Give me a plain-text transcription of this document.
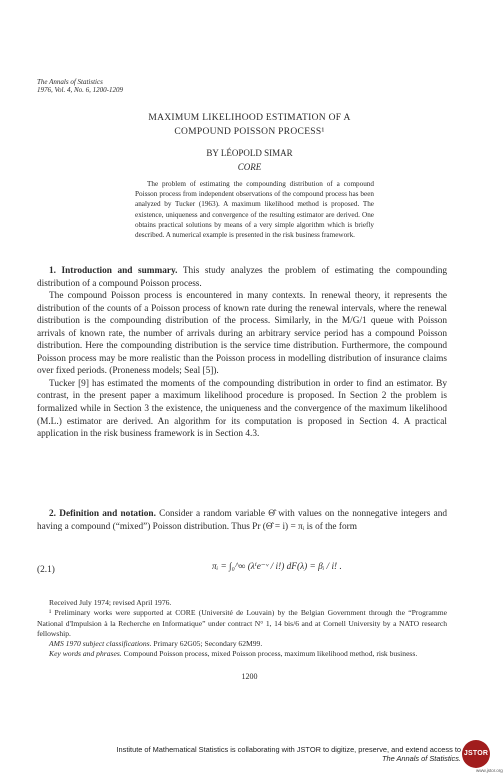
The Annals of Statistics
1976, Vol. 4, No. 6, 1200-1209
MAXIMUM LIKELIHOOD ESTIMATION OF A
COMPOUND POISSON PROCESS¹
BY LÉOPOLD SIMAR
CORE

The problem of estimating the compounding distribution of a compound Poisson process from independent observations of the compound process has been analyzed by Tucker (1963). A maximum likelihood method is proposed. The existence, uniqueness and convergence of the resulting estimator are derived. One obtains practical solutions by means of a very simple algorithm which is briefly described. A numerical example is presented in the risk business framework.

1. Introduction and summary. This study analyzes the problem of estimating the compounding distribution of a compound Poisson process.

The compound Poisson process is encountered in many contexts. In renewal theory, it represents the distribution of the counts of a Poisson process of known rate during the renewal intervals, where the renewal distribution is the compounding distribution of the process. Similarly, in the M/G/1 queue with Poisson arrivals of known rate, the number of arrivals during an arbitrary service period has a compound Poisson distribution. Here the compounding distribution is the service time distribution. Furthermore, the compound Poisson process may be more realistic than the Poisson process in modelling distribution of insurance claims over fixed periods. (Proneness models; Seal [5]).

Tucker [9] has estimated the moments of the compounding distribution in order to find an estimator. By contrast, in the present paper a maximum likelihood procedure is proposed. In Section 2 the problem is formalized while in Section 3 the existence, the uniqueness and the convergence of the maximum likelihood (M.L.) estimator are derived. An algorithm for its computation is proposed in Section 4. A practical application in the risk business framework is in Section 4.3.

2. Definition and notation. Consider a random variable Θ̂ with values on the nonnegative integers and having a compound (“mixed”) Poisson distribution. Thus Pr (Θ̂ = i) = πᵢ is of the form

(2.1)	πᵢ = ∫₀^∞ (λⁱe⁻ᵛ / i!) dF(λ) = βᵢ / i! .

Received July 1974; revised April 1976.

¹ Preliminary works were supported at CORE (Université de Louvain) by the Belgian Government through the “Programme National d'Impulsion à la Recherche en Informatique” under contract N° 1, 14 bis/6 and at Cornell University by a NATO research fellowship.

AMS 1970 subject classifications. Primary 62G05; Secondary 62M99.

Key words and phrases. Compound Poisson process, mixed Poisson process, maximum likelihood method, risk business.

1200
Institute of Mathematical Statistics is collaborating with JSTOR to digitize, preserve, and extend access to
The Annals of Statistics.
JSTOR
www.jstor.org
